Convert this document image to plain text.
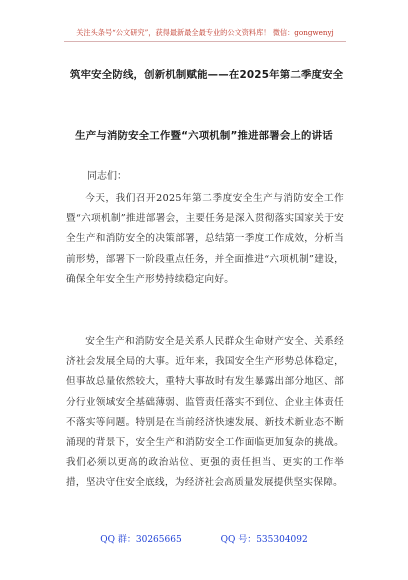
关注头条号“公文研究”，获得最新最全最专业的公文资料库！ 微信：gongwenyj
筑牢安全防线，创新机制赋能——在2025年第二季度安全
生产与消防安全工作暨“六项机制”推进部署会上的讲话
同志们：
今天，我们召开2025年第二季度安全生产与消防安全工作暨“六项机制”推进部署会，主要任务是深入贯彻落实国家关于安全生产和消防安全的决策部署，总结第一季度工作成效，分析当前形势，部署下一阶段重点任务，并全面推进“六项机制”建设，确保全年安全生产形势持续稳定向好。
安全生产和消防安全是关系人民群众生命财产安全、关系经济社会发展全局的大事。近年来，我国安全生产形势总体稳定，但事故总量依然较大，重特大事故时有发生暴露出部分地区、部分行业领域安全基础薄弱、监管责任落实不到位、企业主体责任不落实等问题。特别是在当前经济快速发展、新技术新业态不断涌现的背景下，安全生产和消防安全工作面临更加复杂的挑战。我们必须以更高的政治站位、更强的责任担当、更实的工作举措，坚决守住安全底线，为经济社会高质量发展提供坚实保障。
QQ 群：30265665	QQ 号：535304092
